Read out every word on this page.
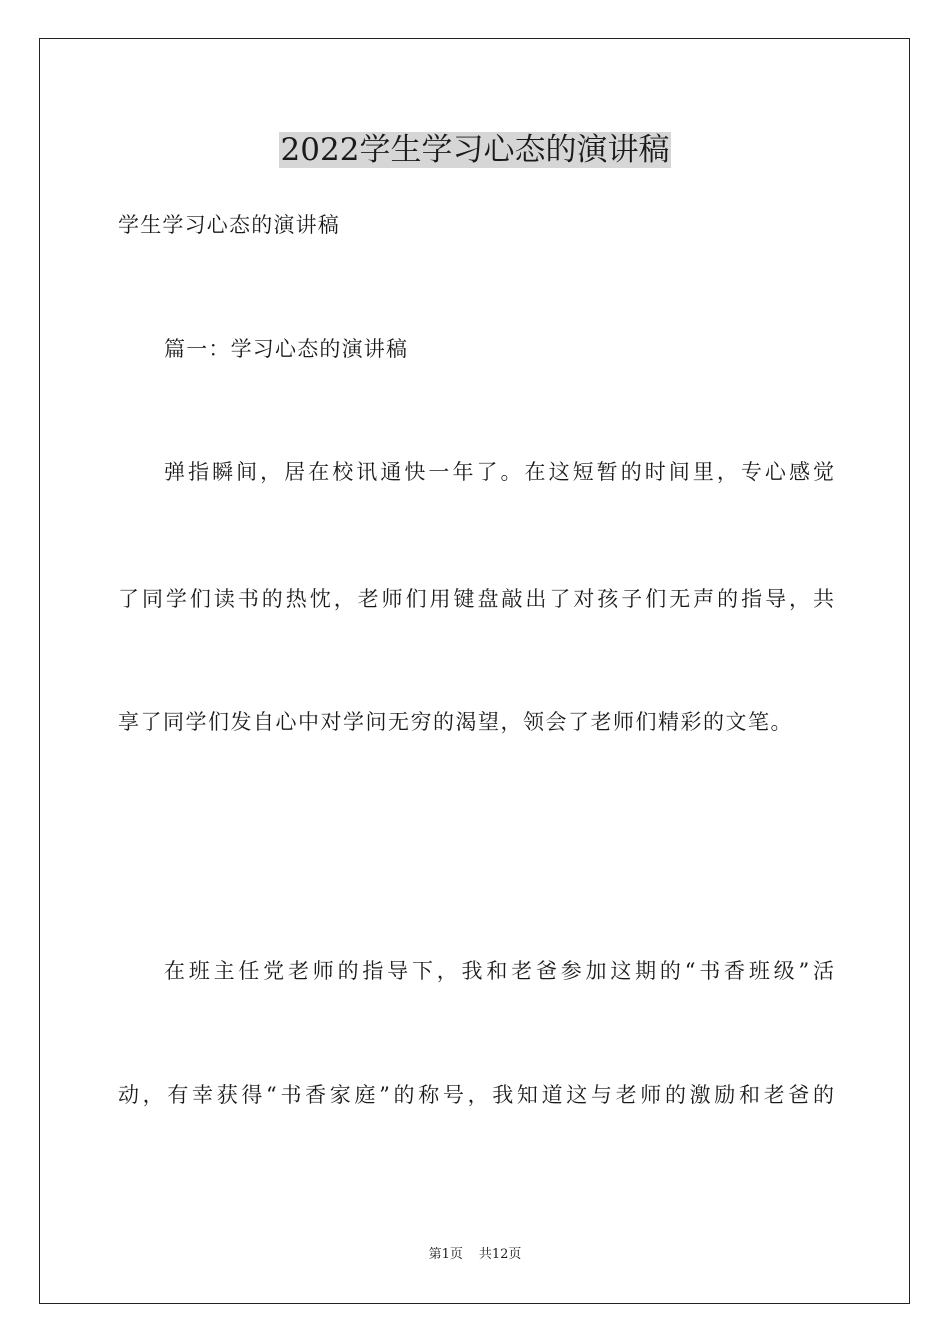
2022学生学习心态的演讲稿
学生学习心态的演讲稿
篇一：学习心态的演讲稿
弹指瞬间，居在校讯通快一年了。在这短暂的时间里，专心感觉
了同学们读书的热忱，老师们用键盘敲出了对孩子们无声的指导，共
享了同学们发自心中对学问无穷的渴望，领会了老师们精彩的文笔。
在班主任党老师的指导下，我和老爸参加这期的“书香班级”活
动，有幸获得“书香家庭”的称号，我知道这与老师的激励和老爸的
第1页 共12页
